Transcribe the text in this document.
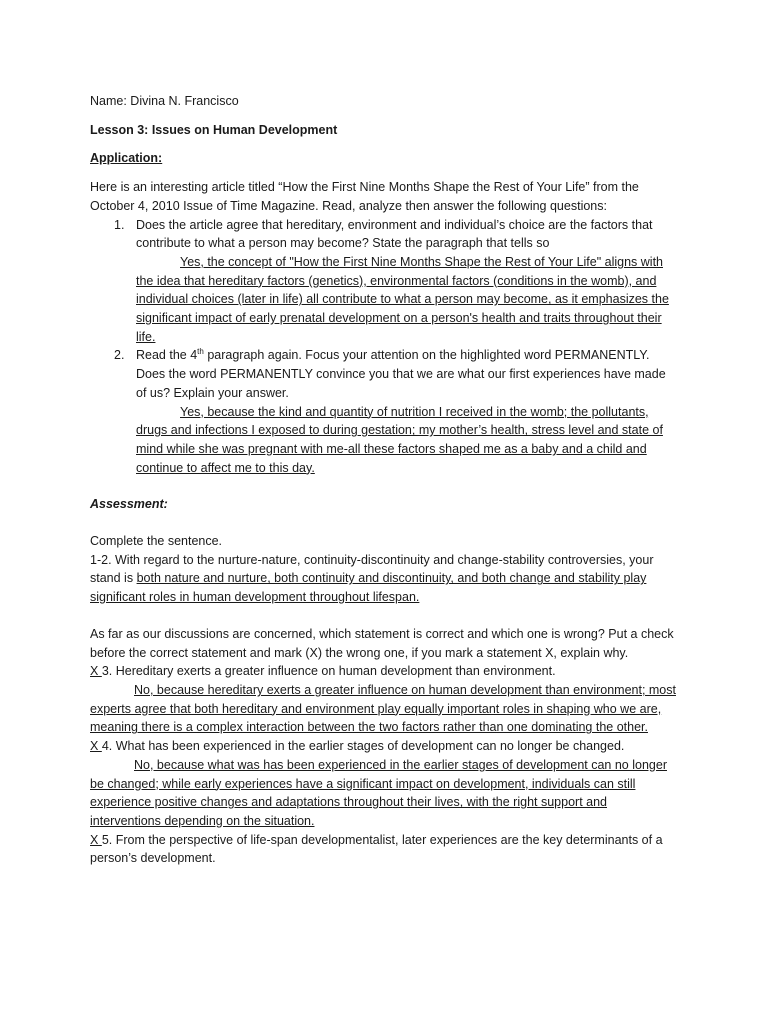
Name: Divina N. Francisco

Lesson 3: Issues on Human Development

Application:

Here is an interesting article titled “How the First Nine Months Shape the Rest of Your Life” from the October 4, 2010 Issue of Time Magazine. Read, analyze then answer the following questions:

1. Does the article agree that hereditary, environment and individual’s choice are the factors that contribute to what a person may become? State the paragraph that tells so

Yes, the concept of "How the First Nine Months Shape the Rest of Your Life" aligns with the idea that hereditary factors (genetics), environmental factors (conditions in the womb), and individual choices (later in life) all contribute to what a person may become, as it emphasizes the significant impact of early prenatal development on a person's health and traits throughout their life.

2. Read the 4th paragraph again. Focus your attention on the highlighted word PERMANENTLY. Does the word PERMANENTLY convince you that we are what our first experiences have made of us? Explain your answer.

Yes, because the kind and quantity of nutrition I received in the womb; the pollutants, drugs and infections I exposed to during gestation; my mother’s health, stress level and state of mind while she was pregnant with me-all these factors shaped me as a baby and a child and continue to affect me to this day.

Assessment:

Complete the sentence.

1-2. With regard to the nurture-nature, continuity-discontinuity and change-stability controversies, your stand is both nature and nurture, both continuity and discontinuity, and both change and stability play significant roles in human development throughout lifespan.

As far as our discussions are concerned, which statement is correct and which one is wrong? Put a check before the correct statement and mark (X) the wrong one, if you mark a statement X, explain why.

X 3. Hereditary exerts a greater influence on human development than environment.

No, because hereditary exerts a greater influence on human development than environment; most experts agree that both hereditary and environment play equally important roles in shaping who we are, meaning there is a complex interaction between the two factors rather than one dominating the other.

X 4. What has been experienced in the earlier stages of development can no longer be changed.

No, because what was has been experienced in the earlier stages of development can no longer be changed; while early experiences have a significant impact on development, individuals can still experience positive changes and adaptations throughout their lives, with the right support and interventions depending on the situation.

X 5. From the perspective of life-span developmentalist, later experiences are the key determinants of a person’s development.
